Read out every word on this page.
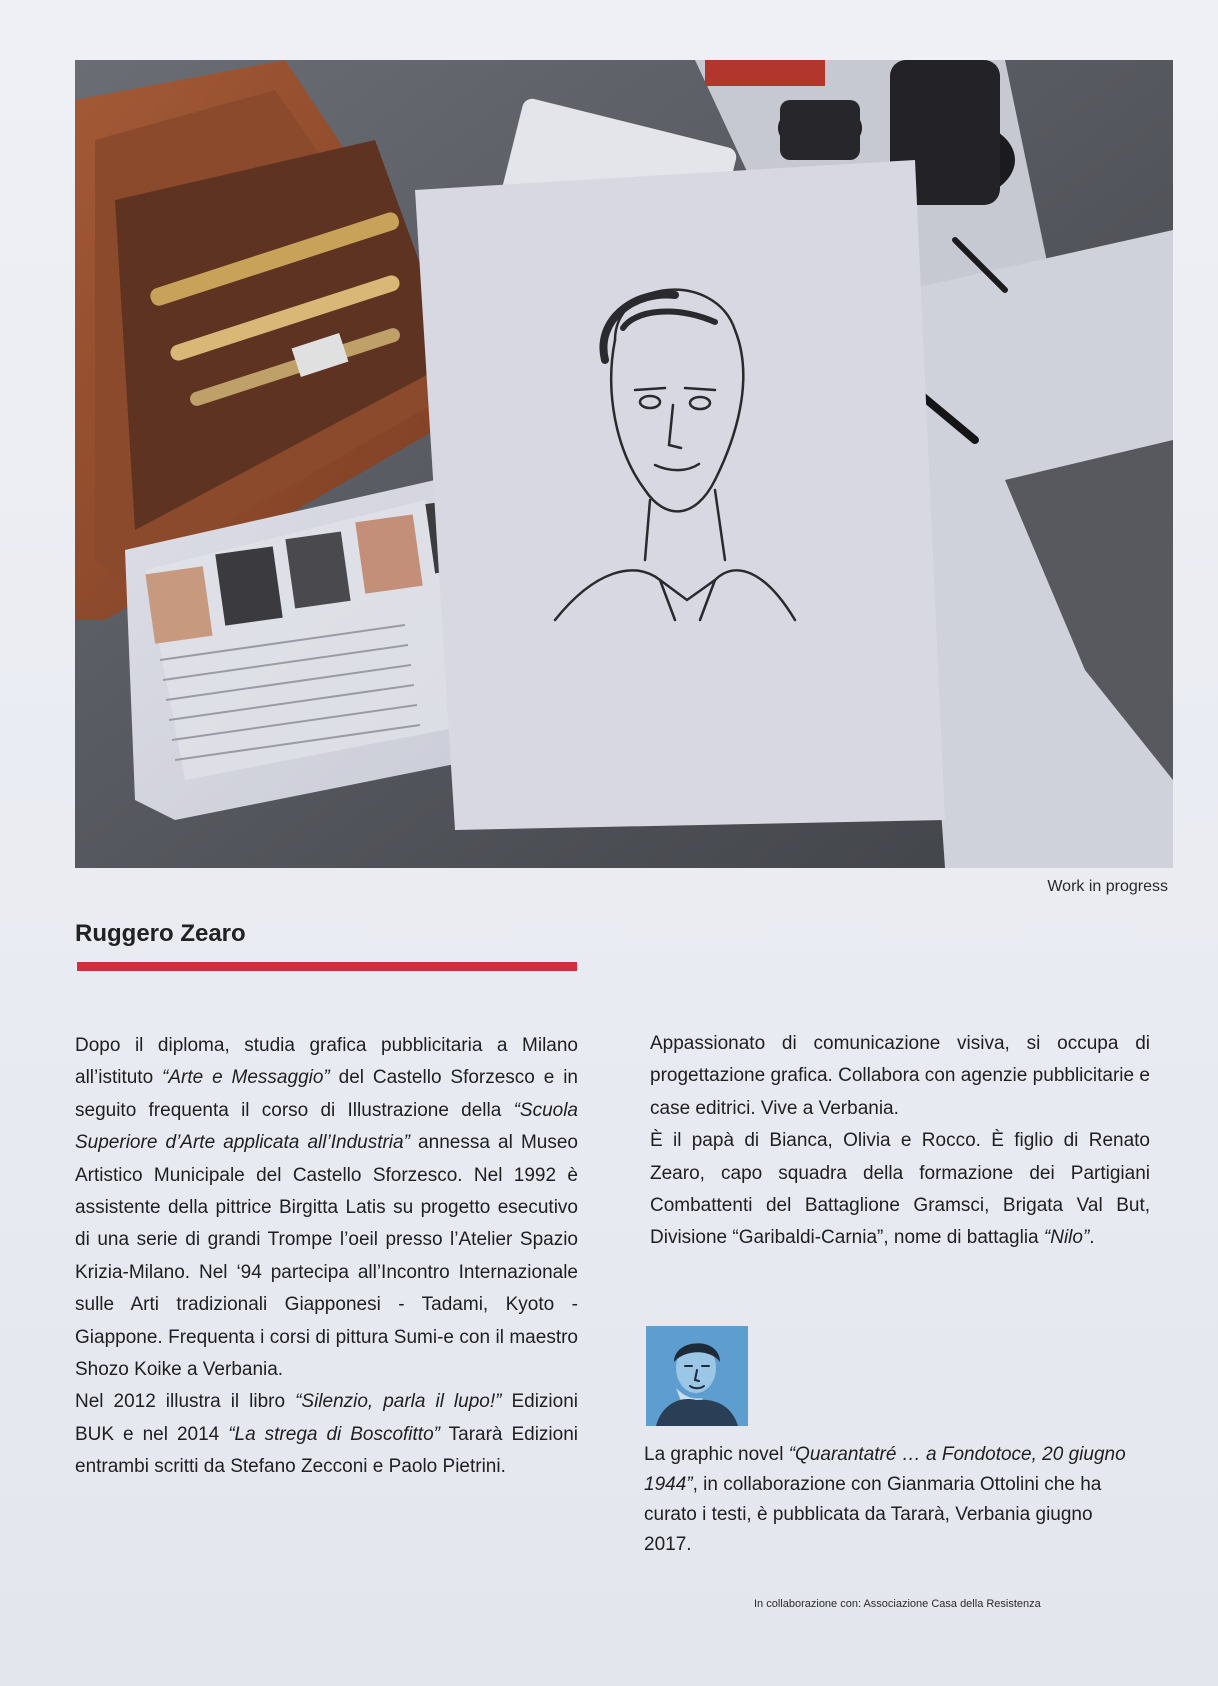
Work in progress
Ruggero Zearo

Dopo il diploma, studia grafica pubblicitaria a Milano all’istituto “Arte e Messaggio” del Castello Sforzesco e in seguito frequenta il corso di Illustrazione della “Scuola Superiore d’Arte applicata all’Industria” annessa al Museo Artistico Municipale del Castello Sforzesco. Nel 1992 è assistente della pittrice Birgitta Latis su progetto esecutivo di una serie di grandi Trompe l’oeil presso l’Atelier Spazio Krizia-Milano. Nel ‘94 partecipa all’Incontro Internazionale sulle Arti tradizionali Giapponesi - Tadami, Kyoto - Giappone. Frequenta i corsi di pittura Sumi-e con il maestro Shozo Koike a Verbania.

Nel 2012 illustra il libro “Silenzio, parla il lupo!” Edizioni BUK e nel 2014 “La strega di Boscofitto” Tararà Edizioni entrambi scritti da Stefano Zecconi e Paolo Pietrini.

Appassionato di comunicazione visiva, si occupa di progettazione grafica. Collabora con agenzie pubblicitarie e case editrici. Vive a Verbania.

È il papà di Bianca, Olivia e Rocco. È figlio di Renato Zearo, capo squadra della formazione dei Partigiani Combattenti del Battaglione Gramsci, Brigata Val But, Divisione “Garibaldi-Carnia”, nome di battaglia “Nilo”.

La graphic novel “Quarantatré … a Fondotoce, 20 giugno 1944”, in collaborazione con Gianmaria Ottolini che ha curato i testi, è pubblicata da Tararà, Verbania giugno 2017.
In collaborazione con: Associazione Casa della Resistenza
